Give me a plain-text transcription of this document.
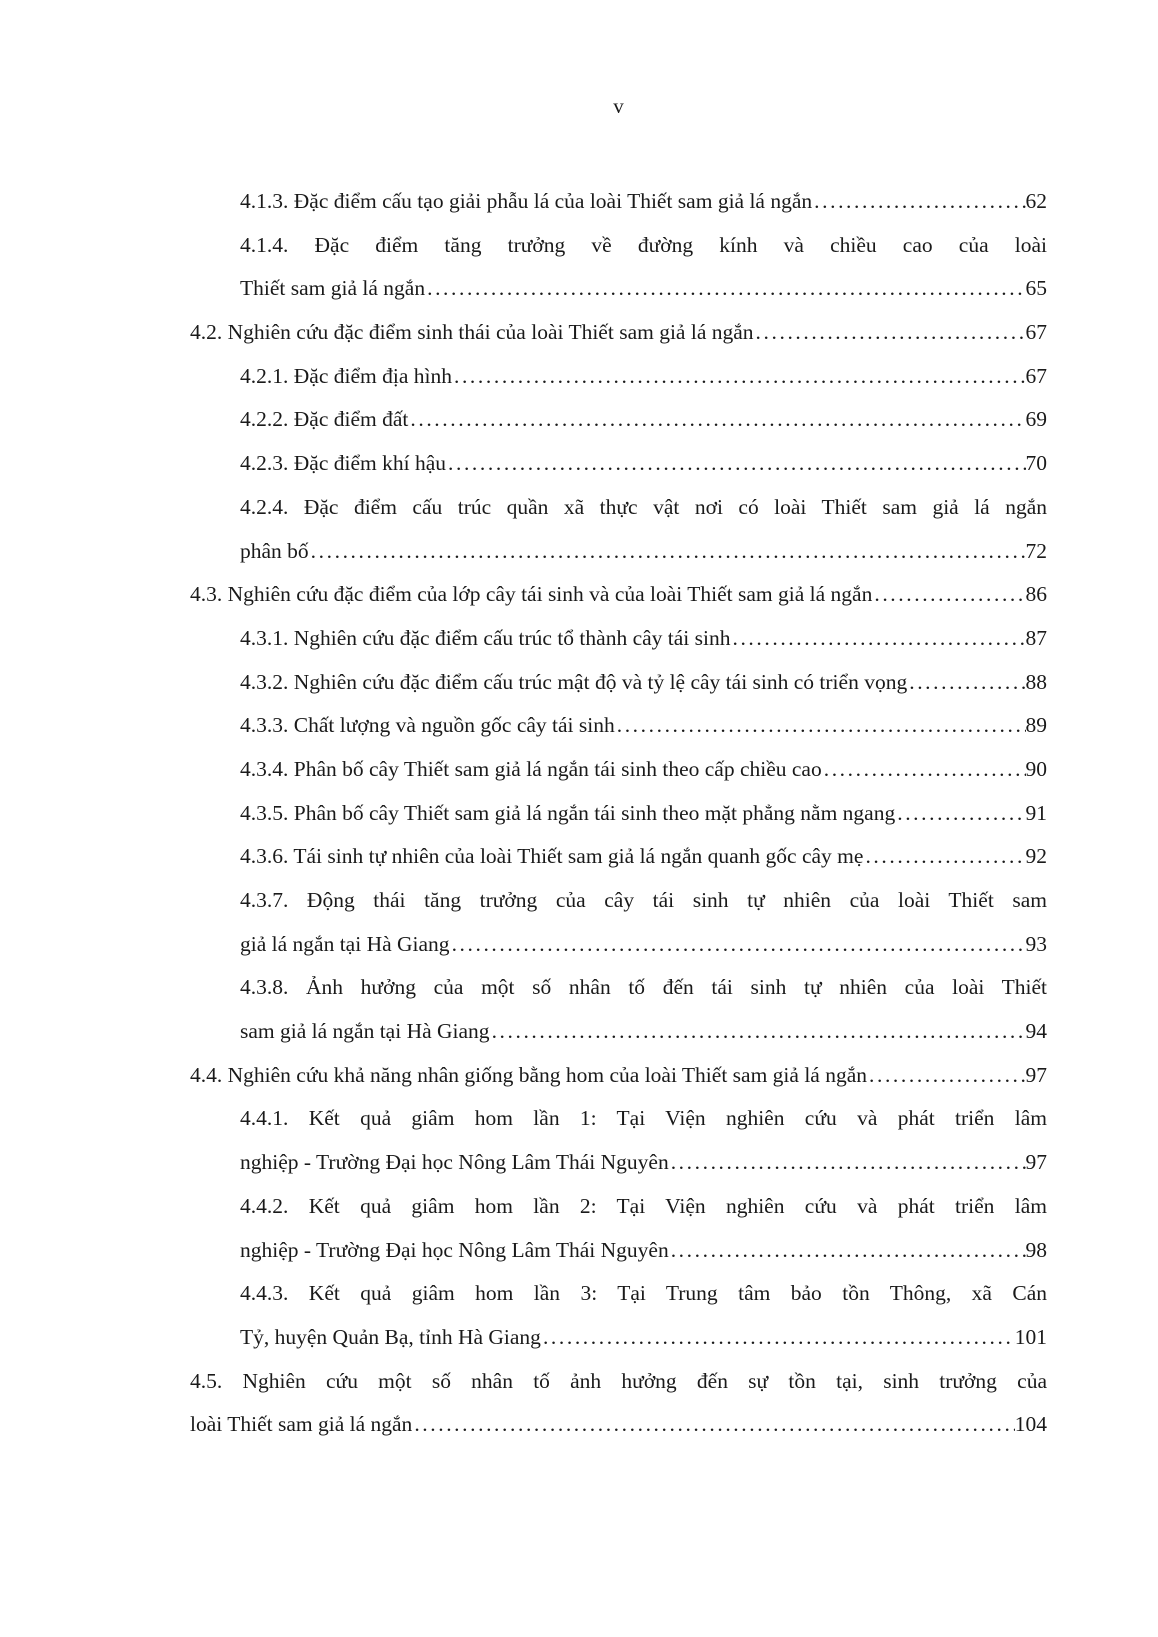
v
4.1.3. Đặc điểm cấu tạo giải phẫu lá của loài Thiết sam giả lá ngắn .....	62
4.1.4. Đặc điểm tăng trưởng về đường kính và chiều cao của loài
Thiết sam giả lá ngắn .....	65
4.2. Nghiên cứu đặc điểm sinh thái của loài Thiết sam giả lá ngắn .....	67
4.2.1. Đặc điểm địa hình .....	67
4.2.2. Đặc điểm đất .....	69
4.2.3. Đặc điểm khí hậu .....	70
4.2.4. Đặc điểm cấu trúc quần xã thực vật nơi có loài Thiết sam giả lá ngắn
phân bố .....	72
4.3. Nghiên cứu đặc điểm của lớp cây tái sinh và của loài Thiết sam giả lá ngắn .....	86
4.3.1. Nghiên cứu đặc điểm cấu trúc tổ thành cây tái sinh .....	87
4.3.2. Nghiên cứu đặc điểm cấu trúc mật độ và tỷ lệ cây tái sinh có triển vọng .....	88
4.3.3. Chất lượng và nguồn gốc cây tái sinh .....	89
4.3.4. Phân bố cây Thiết sam giả lá ngắn tái sinh theo cấp chiều cao .....	90
4.3.5. Phân bố cây Thiết sam giả lá ngắn tái sinh theo mặt phẳng nằm ngang .....	91
4.3.6. Tái sinh tự nhiên của loài Thiết sam giả lá ngắn quanh gốc cây mẹ .....	92
4.3.7. Động thái tăng trưởng của cây tái sinh tự nhiên của loài Thiết sam
giả lá ngắn tại Hà Giang .....	93
4.3.8. Ảnh hưởng của một số nhân tố đến tái sinh tự nhiên của loài Thiết
sam giả lá ngắn tại Hà Giang .....	94
4.4. Nghiên cứu khả năng nhân giống bằng hom của loài Thiết sam giả lá ngắn .....	97
4.4.1. Kết quả giâm hom lần 1: Tại Viện nghiên cứu và phát triển lâm
nghiệp - Trường Đại học Nông Lâm Thái Nguyên .....	97
4.4.2. Kết quả giâm hom lần 2: Tại Viện nghiên cứu và phát triển lâm
nghiệp - Trường Đại học Nông Lâm Thái Nguyên .....	98
4.4.3. Kết quả giâm hom lần 3: Tại Trung tâm bảo tồn Thông, xã Cán
Tỷ, huyện Quản Bạ, tỉnh Hà Giang .....	101
4.5. Nghiên cứu một số nhân tố ảnh hưởng đến sự tồn tại, sinh trưởng của
loài Thiết sam giả lá ngắn .....	104
